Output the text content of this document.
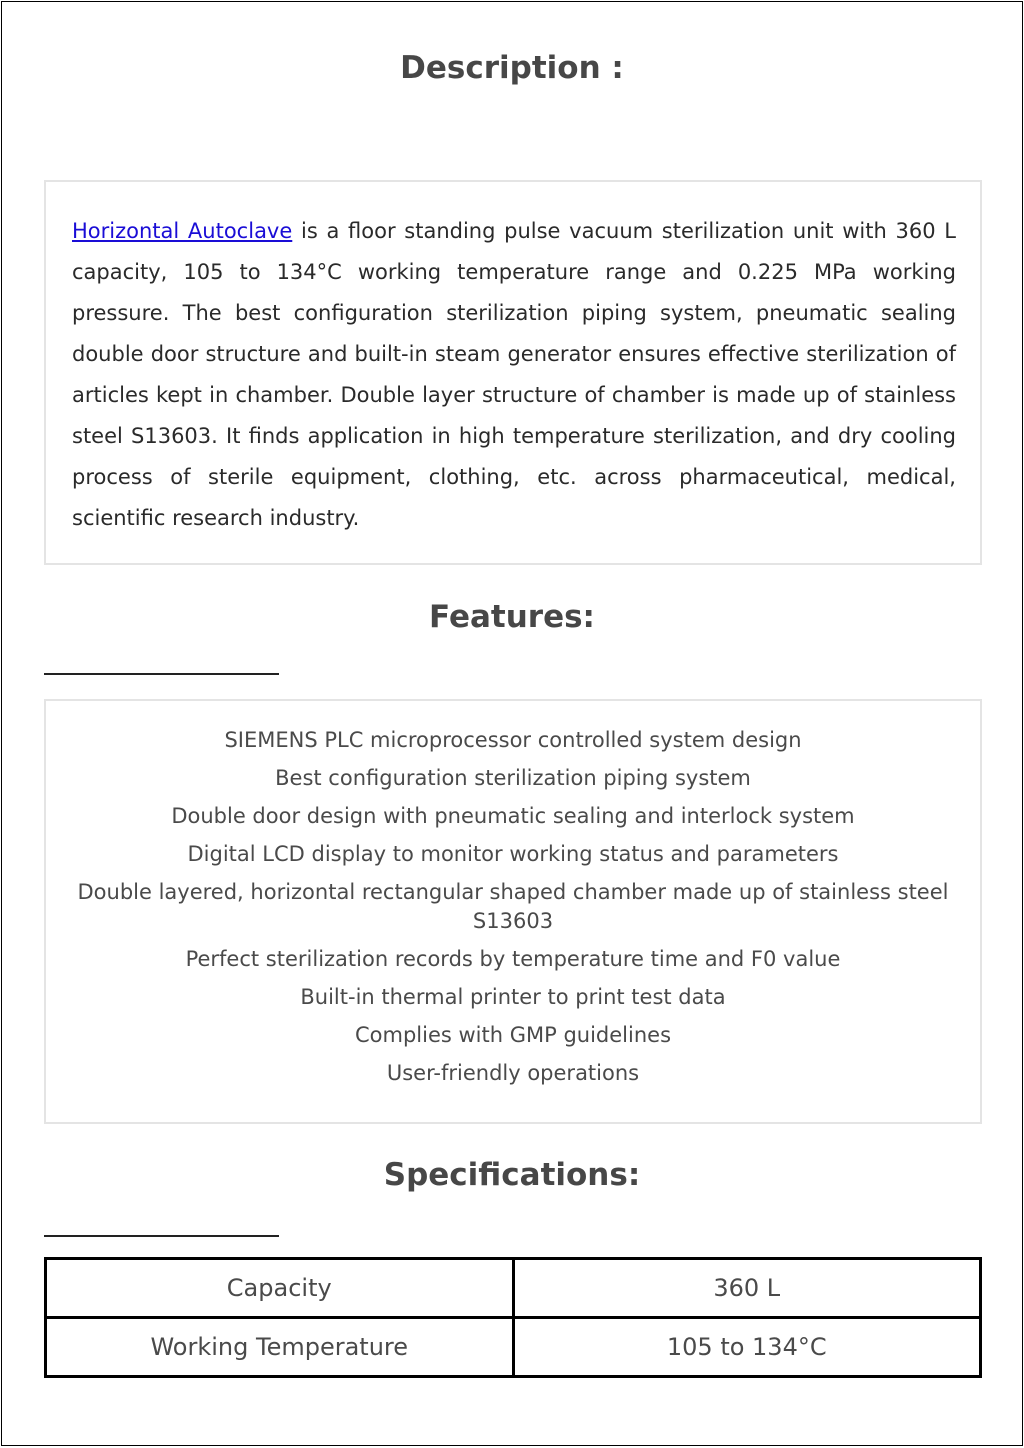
Description :

Horizontal Autoclave is a floor standing pulse vacuum sterilization unit with 360 L capacity, 105 to 134°C working temperature range and 0.225 MPa working pressure. The best configuration sterilization piping system, pneumatic sealing double door structure and built-in steam generator ensures effective sterilization of articles kept in chamber. Double layer structure of chamber is made up of stainless steel S13603. It finds application in high temperature sterilization, and dry cooling process of sterile equipment, clothing, etc. across pharmaceutical, medical, scientific research industry.

Features:
SIEMENS PLC microprocessor controlled system design
Best configuration sterilization piping system
Double door design with pneumatic sealing and interlock system
Digital LCD display to monitor working status and parameters
Double layered, horizontal rectangular shaped chamber made up of stainless steel S13603
Perfect sterilization records by temperature time and F0 value
Built-in thermal printer to print test data
Complies with GMP guidelines
User-friendly operations
Specifications:
Capacity	360 L
Working Temperature	105 to 134°C
